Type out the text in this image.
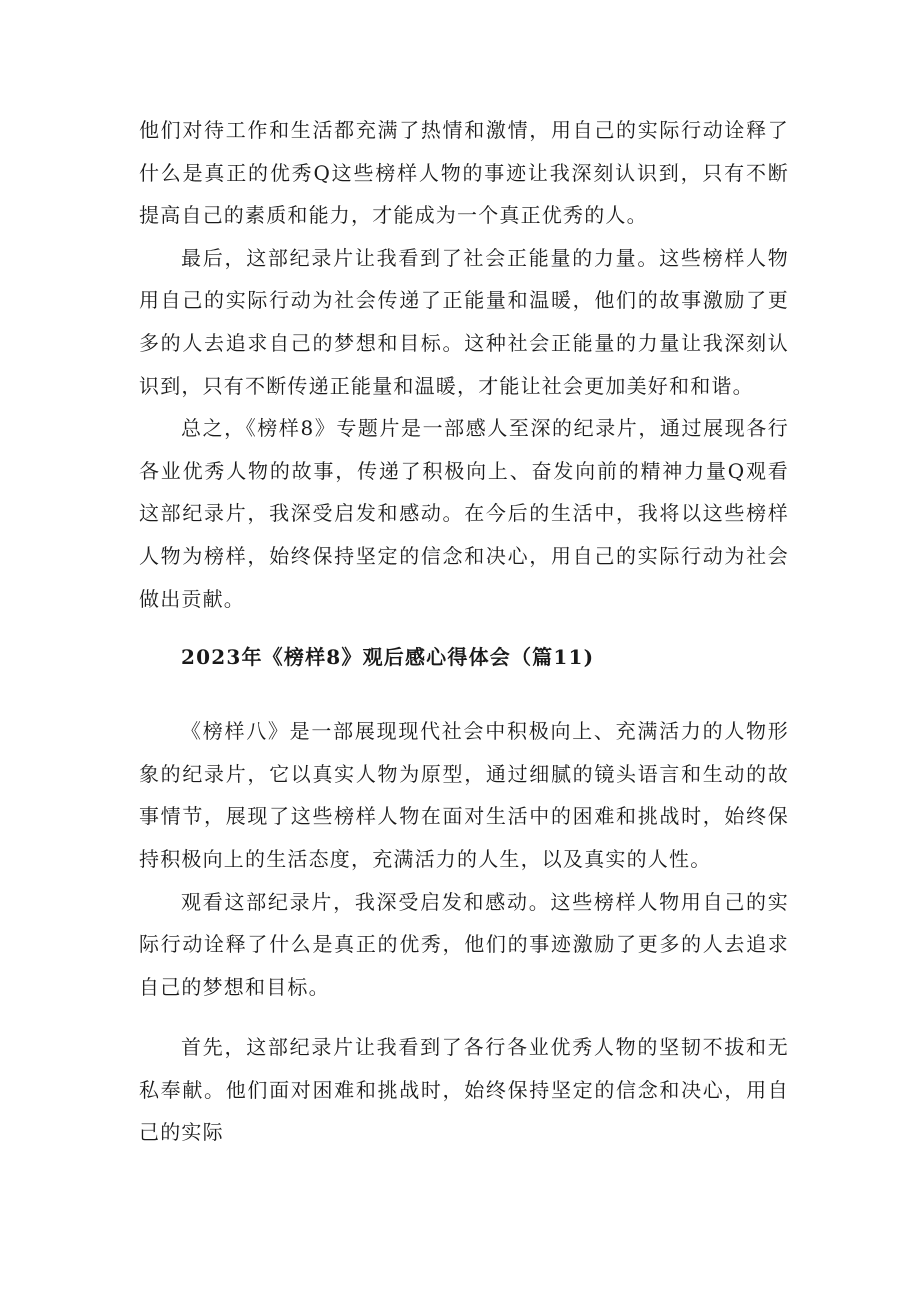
他们对待工作和生活都充满了热情和激情，用自己的实际行动诠释了什么是真正的优秀Q这些榜样人物的事迹让我深刻认识到，只有不断提高自己的素质和能力，才能成为一个真正优秀的人。

最后，这部纪录片让我看到了社会正能量的力量。这些榜样人物用自己的实际行动为社会传递了正能量和温暖，他们的故事激励了更多的人去追求自己的梦想和目标。这种社会正能量的力量让我深刻认识到，只有不断传递正能量和温暖，才能让社会更加美好和和谐。

总之，《榜样8》专题片是一部感人至深的纪录片，通过展现各行各业优秀人物的故事，传递了积极向上、奋发向前的精神力量Q观看这部纪录片，我深受启发和感动。在今后的生活中，我将以这些榜样人物为榜样，始终保持坚定的信念和决心，用自己的实际行动为社会做出贡献。

2023年《榜样8》观后感心得体会（篇11)

《榜样八》是一部展现现代社会中积极向上、充满活力的人物形象的纪录片，它以真实人物为原型，通过细腻的镜头语言和生动的故事情节，展现了这些榜样人物在面对生活中的困难和挑战时，始终保持积极向上的生活态度，充满活力的人生，以及真实的人性。

观看这部纪录片，我深受启发和感动。这些榜样人物用自己的实际行动诠释了什么是真正的优秀，他们的事迹激励了更多的人去追求自己的梦想和目标。

首先，这部纪录片让我看到了各行各业优秀人物的坚韧不拔和无私奉献。他们面对困难和挑战时，始终保持坚定的信念和决心，用自己的实际
